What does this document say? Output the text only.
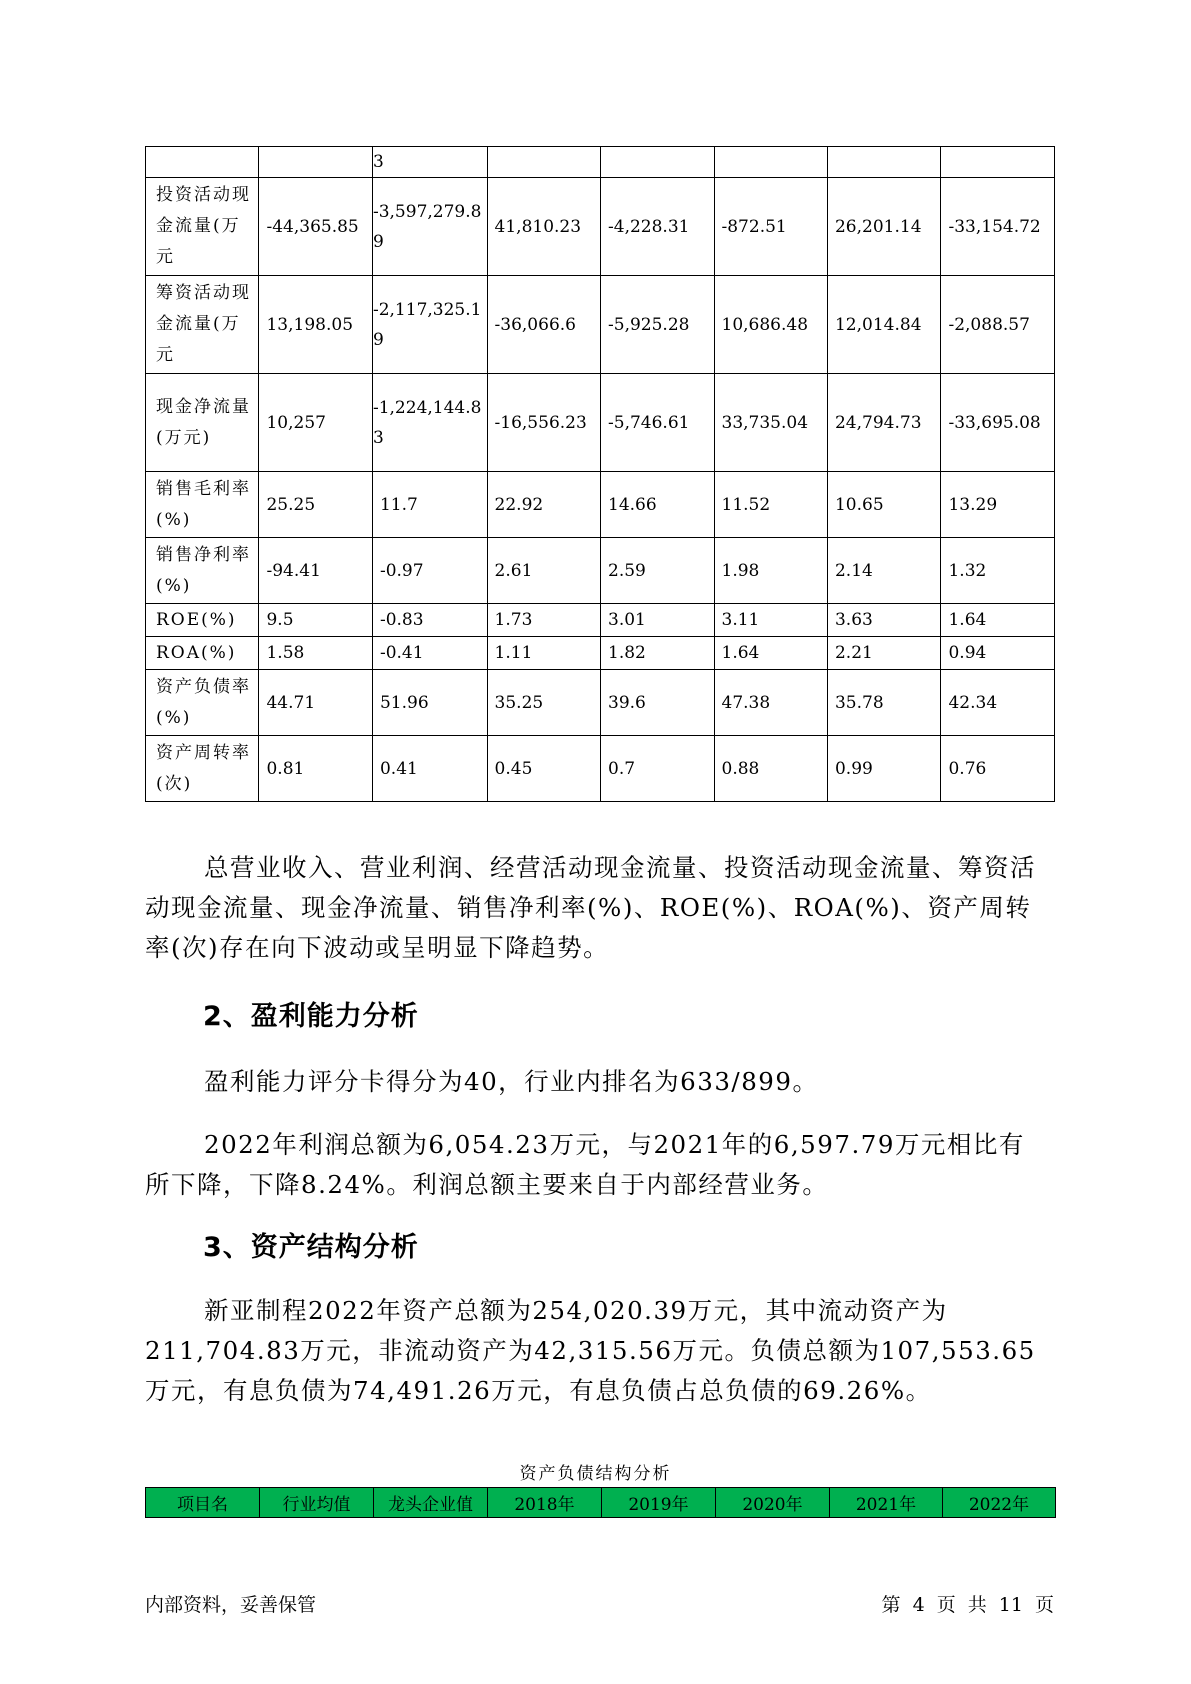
		3					
投资活动现金流量(万元	-44,365.85	-3,597,279.89	41,810.23	-4,228.31	-872.51	26,201.14	-33,154.72
筹资活动现金流量(万元	13,198.05	-2,117,325.19	-36,066.6	-5,925.28	10,686.48	12,014.84	-2,088.57
现金净流量(万元)	10,257	-1,224,144.83	-16,556.23	-5,746.61	33,735.04	24,794.73	-33,695.08
销售毛利率(%)	25.25	11.7	22.92	14.66	11.52	10.65	13.29
销售净利率(%)	-94.41	-0.97	2.61	2.59	1.98	2.14	1.32
ROE(%)	9.5	-0.83	1.73	3.01	3.11	3.63	1.64
ROA(%)	1.58	-0.41	1.11	1.82	1.64	2.21	0.94
资产负债率(%)	44.71	51.96	35.25	39.6	47.38	35.78	42.34
资产周转率(次)	0.81	0.41	0.45	0.7	0.88	0.99	0.76
总营业收入、营业利润、经营活动现金流量、投资活动现金流量、筹资活动现金流量、现金净流量、销售净利率(%)、ROE(%)、ROA(%)、资产周转率(次)存在向下波动或呈明显下降趋势。
2、盈利能力分析
盈利能力评分卡得分为40，行业内排名为633/899。
2022年利润总额为6,054.23万元，与2021年的6,597.79万元相比有所下降，下降8.24%。利润总额主要来自于内部经营业务。
3、资产结构分析
新亚制程2022年资产总额为254,020.39万元，其中流动资产为211,704.83万元，非流动资产为42,315.56万元。负债总额为107,553.65万元，有息负债为74,491.26万元，有息负债占总负债的69.26%。
资产负债结构分析
项目名	行业均值	龙头企业值	2018年	2019年	2020年	2021年	2022年
内部资料，妥善保管	第 4 页 共 11 页
